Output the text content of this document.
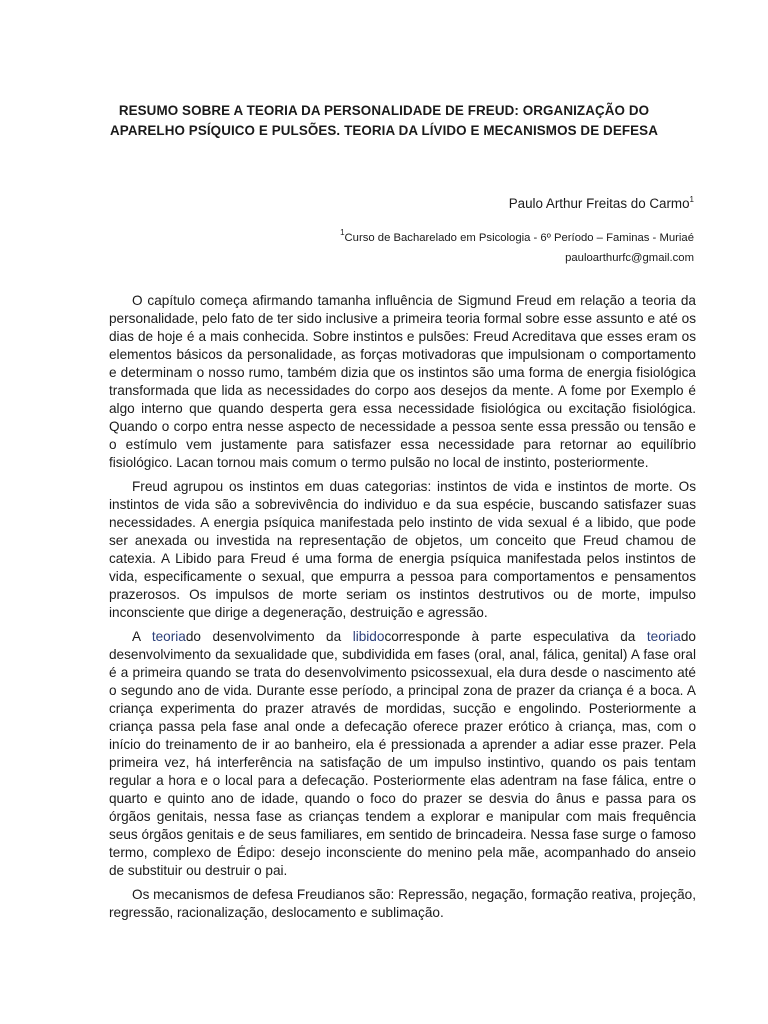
RESUMO SOBRE A TEORIA DA PERSONALIDADE DE FREUD: ORGANIZAÇÃO DO
APARELHO PSÍQUICO E PULSÕES. TEORIA DA LÍVIDO E MECANISMOS DE DEFESA

Paulo Arthur Freitas do Carmo$^1$

$^1$Curso de Bacharelado em Psicologia - 6º Período – Faminas - Muriaé
pauloarthurfc@gmail.com

O capítulo começa afirmando tamanha influência de Sigmund Freud em relação a teoria da personalidade, pelo fato de ter sido inclusive a primeira teoria formal sobre esse assunto e até os dias de hoje é a mais conhecida. Sobre instintos e pulsões: Freud Acreditava que esses eram os elementos básicos da personalidade, as forças motivadoras que impulsionam o comportamento e determinam o nosso rumo, também dizia que os instintos são uma forma de energia fisiológica transformada que lida as necessidades do corpo aos desejos da mente. A fome por Exemplo é algo interno que quando desperta gera essa necessidade fisiológica ou excitação fisiológica. Quando o corpo entra nesse aspecto de necessidade a pessoa sente essa pressão ou tensão e o estímulo vem justamente para satisfazer essa necessidade para retornar ao equilíbrio fisiológico. Lacan tornou mais comum o termo pulsão no local de instinto, posteriormente.

Freud agrupou os instintos em duas categorias: instintos de vida e instintos de morte. Os instintos de vida são a sobrevivência do individuo e da sua espécie, buscando satisfazer suas necessidades. A energia psíquica manifestada pelo instinto de vida sexual é a libido, que pode ser anexada ou investida na representação de objetos, um conceito que Freud chamou de catexia. A Libido para Freud é uma forma de energia psíquica manifestada pelos instintos de vida, especificamente o sexual, que empurra a pessoa para comportamentos e pensamentos prazerosos. Os impulsos de morte seriam os instintos destrutivos ou de morte, impulso inconsciente que dirige a degeneração, destruição e agressão.

A teoriado desenvolvimento da libidocorresponde à parte especulativa da teoriado desenvolvimento da sexualidade que, subdividida em fases (oral, anal, fálica, genital) A fase oral é a primeira quando se trata do desenvolvimento psicossexual, ela dura desde o nascimento até o segundo ano de vida. Durante esse período, a principal zona de prazer da criança é a boca. A criança experimenta do prazer através de mordidas, sucção e engolindo. Posteriormente a criança passa pela fase anal onde a defecação oferece prazer erótico à criança, mas, com o início do treinamento de ir ao banheiro, ela é pressionada a aprender a adiar esse prazer. Pela primeira vez, há interferência na satisfação de um impulso instintivo, quando os pais tentam regular a hora e o local para a defecação. Posteriormente elas adentram na fase fálica, entre o quarto e quinto ano de idade, quando o foco do prazer se desvia do ânus e passa para os órgãos genitais, nessa fase as crianças tendem a explorar e manipular com mais frequência seus órgãos genitais e de seus familiares, em sentido de brincadeira. Nessa fase surge o famoso termo, complexo de Édipo: desejo inconsciente do menino pela mãe, acompanhado do anseio de substituir ou destruir o pai.

Os mecanismos de defesa Freudianos são: Repressão, negação, formação reativa, projeção, regressão, racionalização, deslocamento e sublimação.
